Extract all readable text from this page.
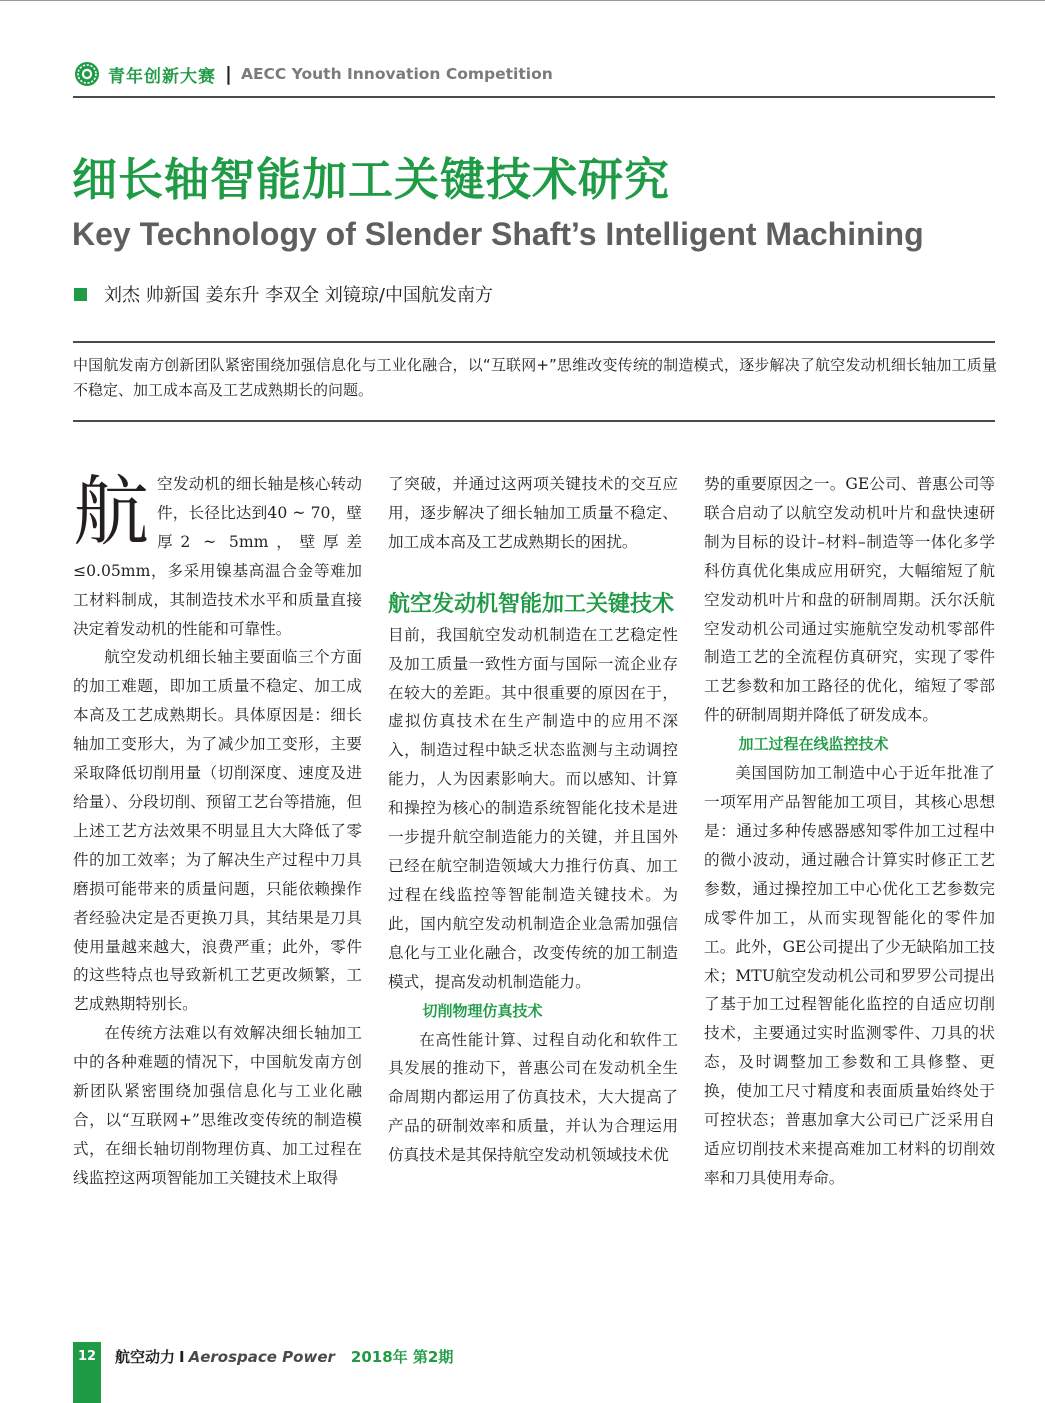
青年创新大赛 | AECC Youth Innovation Competition
细长轴智能加工关键技术研究
Key Technology of Slender Shaft’s Intelligent Machining
刘杰 帅新国 姜东升 李双全 刘镜琼/中国航发南方

中国航发南方创新团队紧密围绕加强信息化与工业化融合，以“互联网+”思维改变传统的制造模式，逐步解决了航空发动机细长轴加工质量不稳定、加工成本高及工艺成熟期长的问题。

航空发动机的细长轴是核心转动件，长径比达到40 ~ 70，壁厚2 ~ 5mm，壁厚差≤0.05mm，多采用镍基高温合金等难加工材料制成，其制造技术水平和质量直接决定着发动机的性能和可靠性。

航空发动机细长轴主要面临三个方面的加工难题，即加工质量不稳定、加工成本高及工艺成熟期长。具体原因是：细长轴加工变形大，为了减少加工变形，主要采取降低切削用量（切削深度、速度及进给量）、分段切削、预留工艺台等措施，但上述工艺方法效果不明显且大大降低了零件的加工效率；为了解决生产过程中刀具磨损可能带来的质量问题，只能依赖操作者经验决定是否更换刀具，其结果是刀具使用量越来越大，浪费严重；此外，零件的这些特点也导致新机工艺更改频繁，工艺成熟期特别长。

在传统方法难以有效解决细长轴加工中的各种难题的情况下，中国航发南方创新团队紧密围绕加强信息化与工业化融合，以“互联网+”思维改变传统的制造模式，在细长轴切削物理仿真、加工过程在线监控这两项智能加工关键技术上取得

了突破，并通过这两项关键技术的交互应用，逐步解决了细长轴加工质量不稳定、加工成本高及工艺成熟期长的困扰。

航空发动机智能加工关键技术

目前，我国航空发动机制造在工艺稳定性及加工质量一致性方面与国际一流企业存在较大的差距。其中很重要的原因在于，虚拟仿真技术在生产制造中的应用不深入，制造过程中缺乏状态监测与主动调控能力，人为因素影响大。而以感知、计算和操控为核心的制造系统智能化技术是进一步提升航空制造能力的关键，并且国外已经在航空制造领域大力推行仿真、加工过程在线监控等智能制造关键技术。为此，国内航空发动机制造企业急需加强信息化与工业化融合，改变传统的加工制造模式，提高发动机制造能力。

切削物理仿真技术

在高性能计算、过程自动化和软件工具发展的推动下，普惠公司在发动机全生命周期内都运用了仿真技术，大大提高了产品的研制效率和质量，并认为合理运用仿真技术是其保持航空发动机领域技术优

势的重要原因之一。GE公司、普惠公司等联合启动了以航空发动机叶片和盘快速研制为目标的设计–材料–制造等一体化多学科仿真优化集成应用研究，大幅缩短了航空发动机叶片和盘的研制周期。沃尔沃航空发动机公司通过实施航空发动机零部件制造工艺的全流程仿真研究，实现了零件工艺参数和加工路径的优化，缩短了零部件的研制周期并降低了研发成本。

加工过程在线监控技术

美国国防加工制造中心于近年批准了一项军用产品智能加工项目，其核心思想是：通过多种传感器感知零件加工过程中的微小波动，通过融合计算实时修正工艺参数，通过操控加工中心优化工艺参数完成零件加工，从而实现智能化的零件加工。此外，GE公司提出了少无缺陷加工技术；MTU航空发动机公司和罗罗公司提出了基于加工过程智能化监控的自适应切削技术，主要通过实时监测零件、刀具的状态，及时调整加工参数和工具修整、更换，使加工尺寸精度和表面质量始终处于可控状态；普惠加拿大公司已广泛采用自适应切削技术来提高难加工材料的切削效率和刀具使用寿命。

12	航空动力 I Aerospace Power 2018年 第2期
